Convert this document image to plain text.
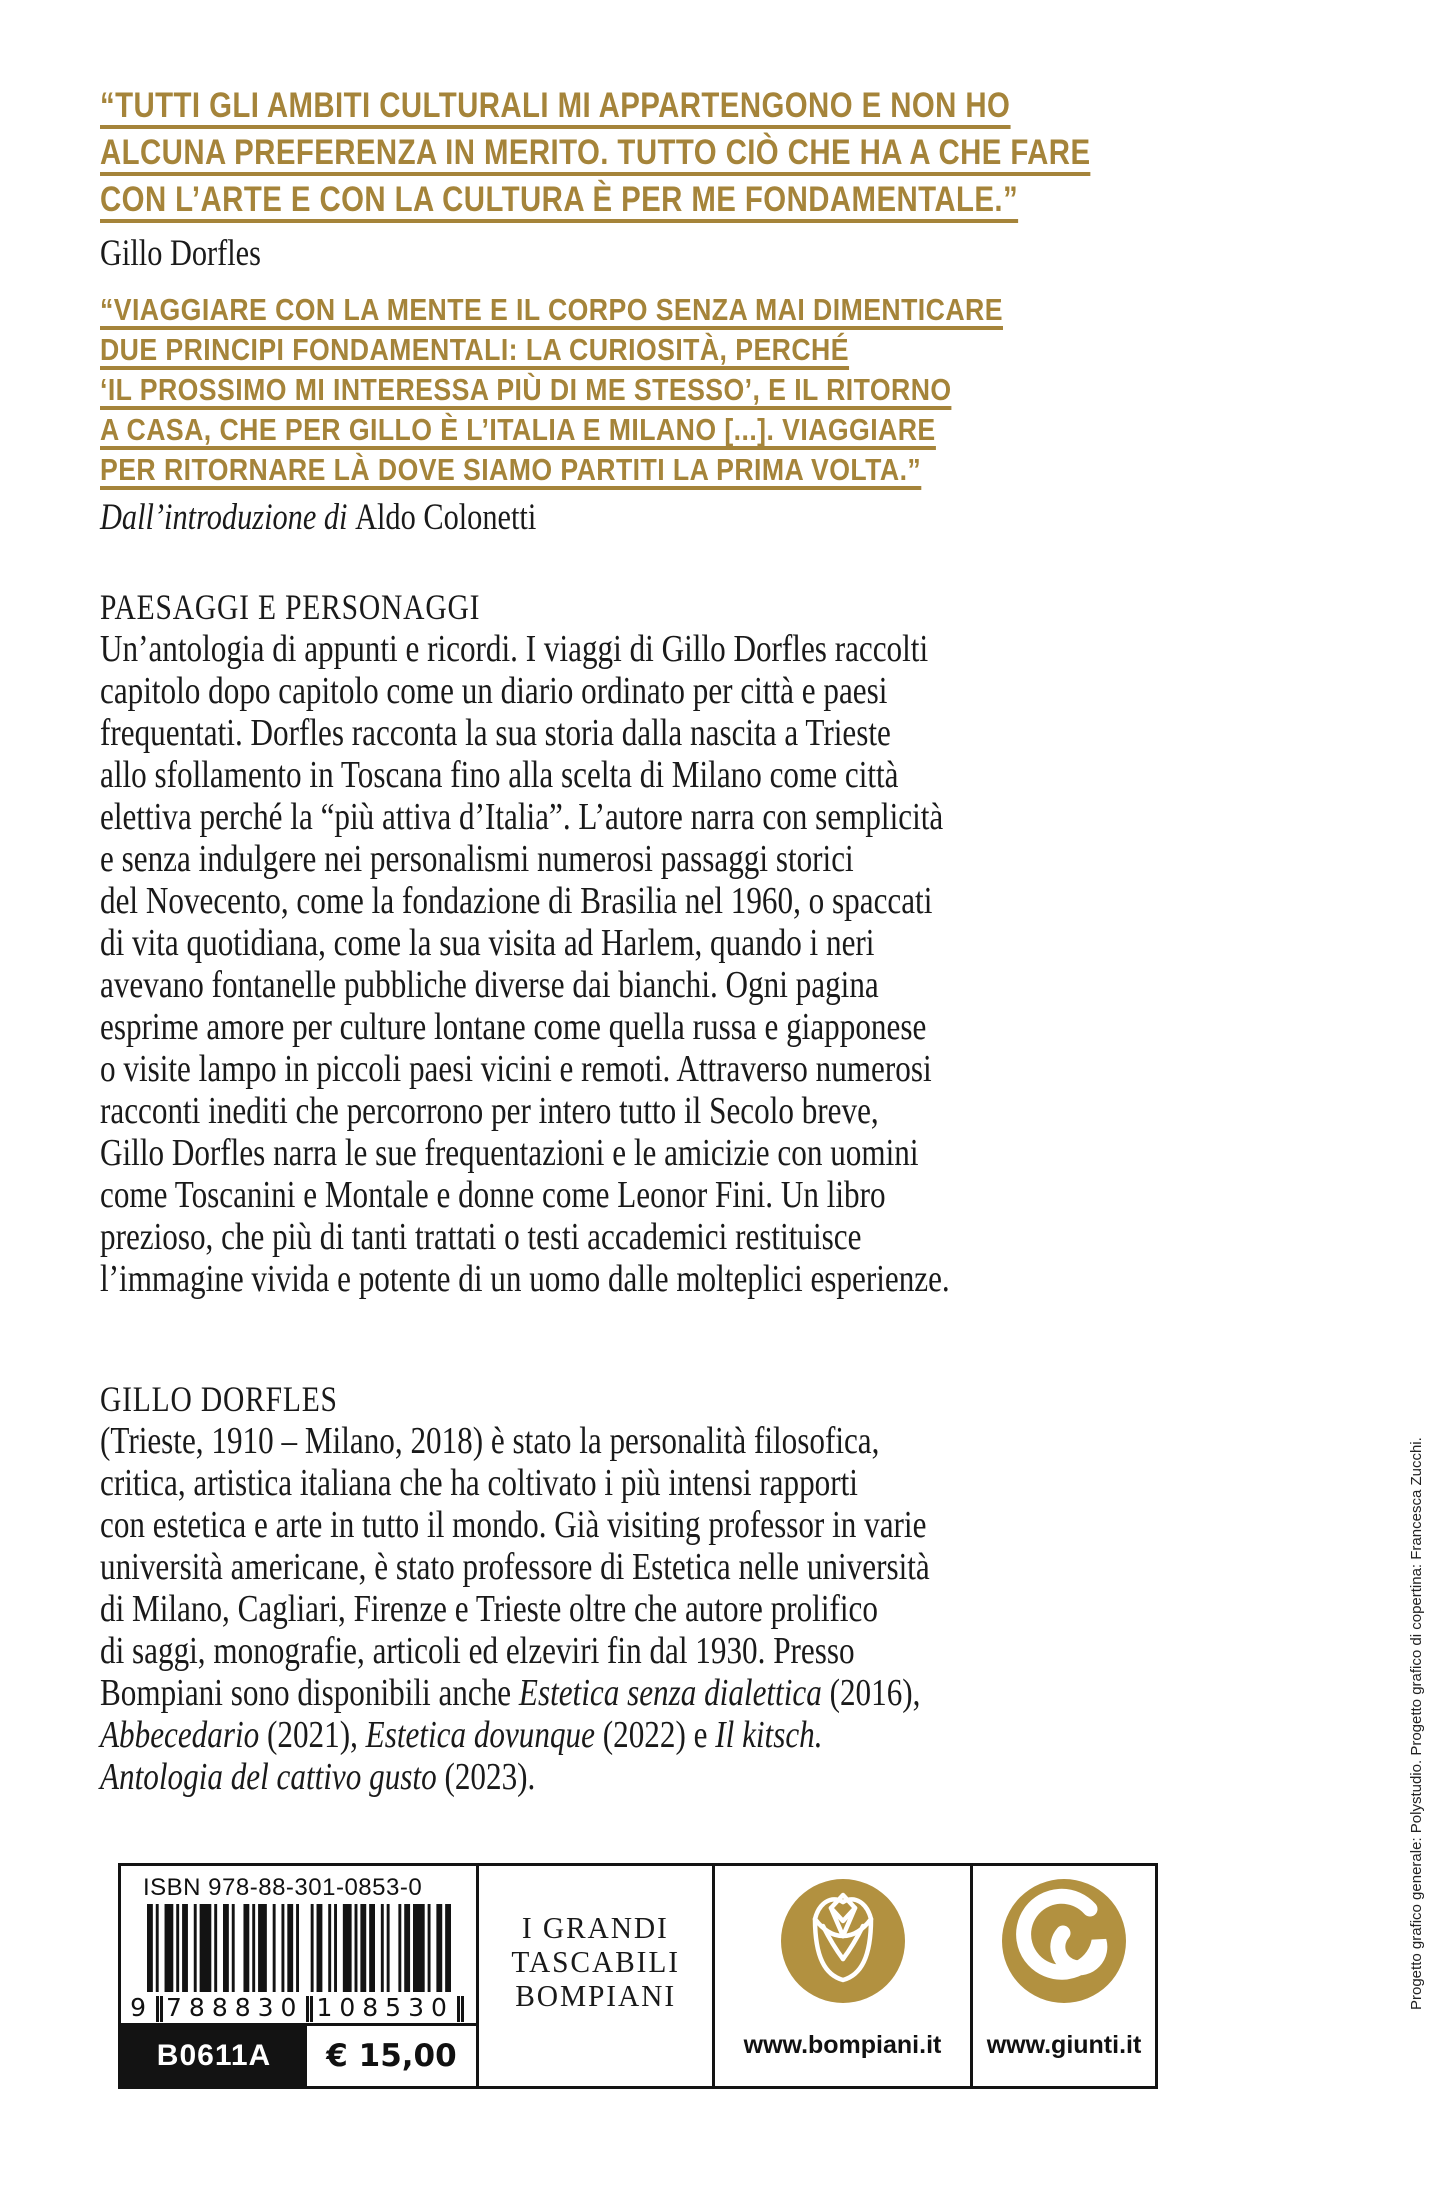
“TUTTI GLI AMBITI CULTURALI MI APPARTENGONO E NON HO
ALCUNA PREFERENZA IN MERITO. TUTTO CIÒ CHE HA A CHE FARE
CON L’ARTE E CON LA CULTURA È PER ME FONDAMENTALE.”
Gillo Dorfles
“VIAGGIARE CON LA MENTE E IL CORPO SENZA MAI DIMENTICARE
DUE PRINCIPI FONDAMENTALI: LA CURIOSITÀ, PERCHÉ
‘IL PROSSIMO MI INTERESSA PIÙ DI ME STESSO’, E IL RITORNO
A CASA, CHE PER GILLO È L’ITALIA E MILANO [...]. VIAGGIARE
PER RITORNARE LÀ DOVE SIAMO PARTITI LA PRIMA VOLTA.”
Dall’introduzione di Aldo Colonetti
PAESAGGI E PERSONAGGI
Un’antologia di appunti e ricordi. I viaggi di Gillo Dorfles raccolti
capitolo dopo capitolo come un diario ordinato per città e paesi
frequentati. Dorfles racconta la sua storia dalla nascita a Trieste
allo sfollamento in Toscana fino alla scelta di Milano come città
elettiva perché la “più attiva d’Italia”. L’autore narra con semplicità
e senza indulgere nei personalismi numerosi passaggi storici
del Novecento, come la fondazione di Brasilia nel 1960, o spaccati
di vita quotidiana, come la sua visita ad Harlem, quando i neri
avevano fontanelle pubbliche diverse dai bianchi. Ogni pagina
esprime amore per culture lontane come quella russa e giapponese
o visite lampo in piccoli paesi vicini e remoti. Attraverso numerosi
racconti inediti che percorrono per intero tutto il Secolo breve,
Gillo Dorfles narra le sue frequentazioni e le amicizie con uomini
come Toscanini e Montale e donne come Leonor Fini. Un libro
prezioso, che più di tanti trattati o testi accademici restituisce
l’immagine vivida e potente di un uomo dalle molteplici esperienze.
GILLO DORFLES
(Trieste, 1910 – Milano, 2018) è stato la personalità filosofica,
critica, artistica italiana che ha coltivato i più intensi rapporti
con estetica e arte in tutto il mondo. Già visiting professor in varie
università americane, è stato professore di Estetica nelle università
di Milano, Cagliari, Firenze e Trieste oltre che autore prolifico
di saggi, monografie, articoli ed elzeviri fin dal 1930. Presso
Bompiani sono disponibili anche Estetica senza dialettica (2016),
Abbecedario (2021), Estetica dovunque (2022) e Il kitsch.
Antologia del cattivo gusto (2023).
ISBN 978-88-301-0853-0
9 788830 108530
B0611A	€ 15,00
I GRANDI
TASCABILI
BOMPIANI
www.bompiani.it	www.giunti.it
Progetto grafico generale: Polystudio. Progetto grafico di copertina: Francesca Zucchi.
